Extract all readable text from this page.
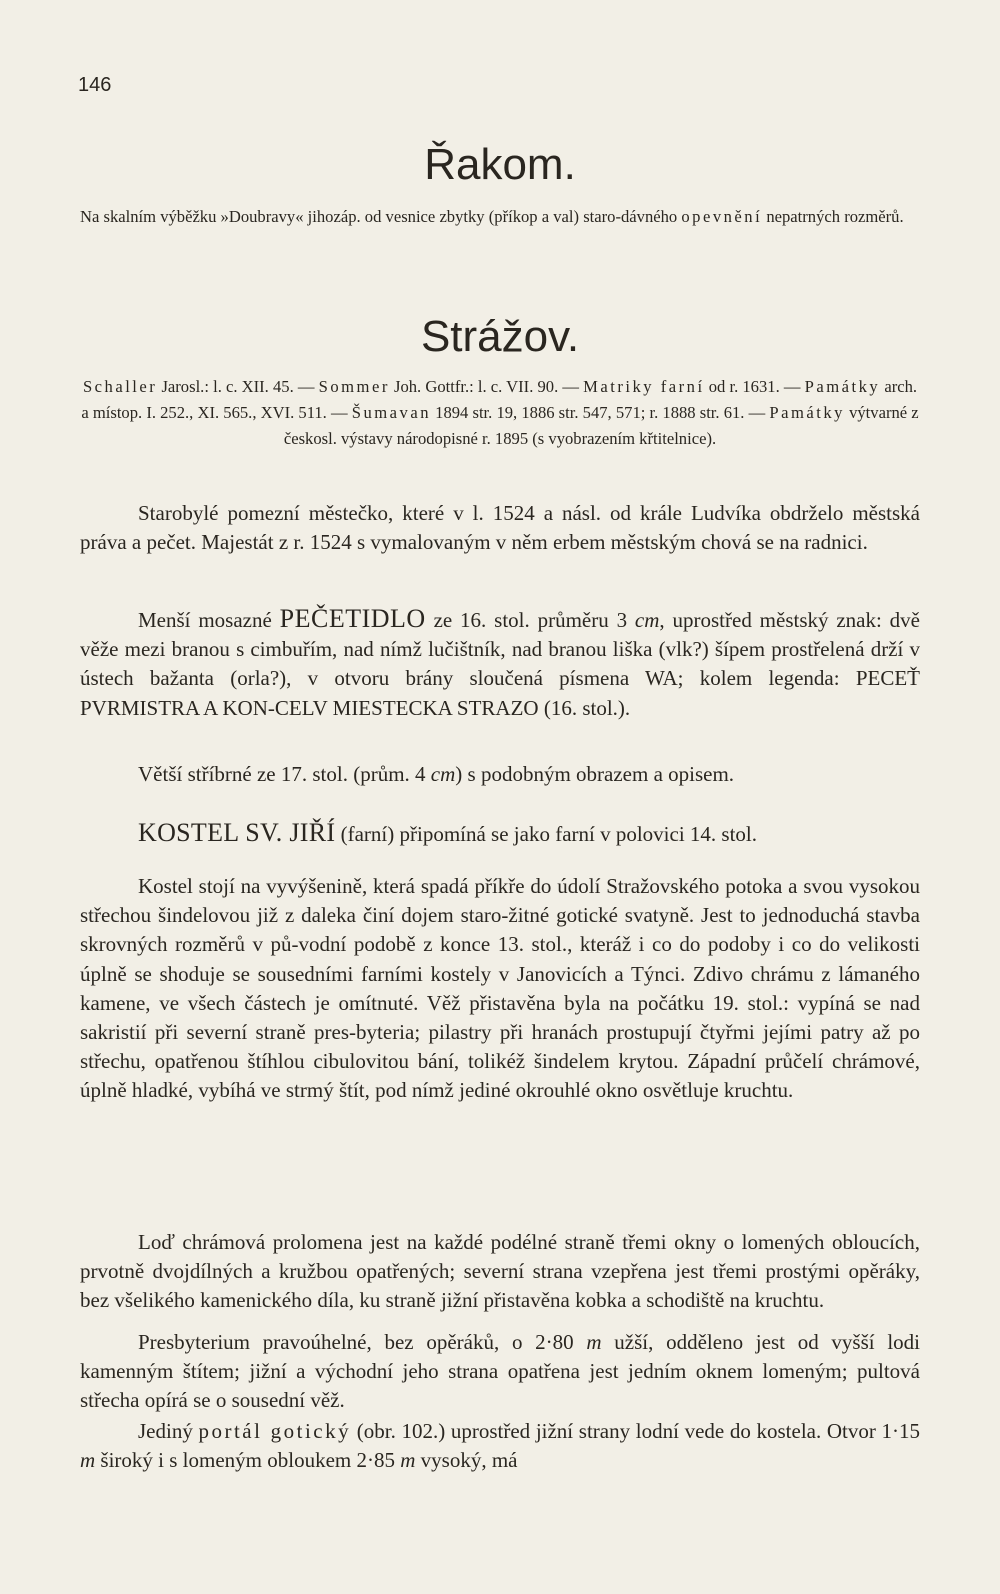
146
Řakom.

Na skalním výběžku »Doubravy« jihozáp. od vesnice zbytky (příkop a val) staro-dávného opevnění nepatrných rozměrů.

Strážov.

Schaller Jarosl.: l. c. XII. 45. — Sommer Joh. Gottfr.: l. c. VII. 90. — Matriky farní od r. 1631. — Památky arch. a místop. I. 252., XI. 565., XVI. 511. — Šumavan 1894 str. 19, 1886 str. 547, 571; r. 1888 str. 61. — Památky výtvarné z českosl. výstavy národopisné r. 1895 (s vyobrazením křtitelnice).

Starobylé pomezní městečko, které v l. 1524 a násl. od krále Ludvíka obdrželo městská práva a pečet. Majestát z r. 1524 s vymalovaným v něm erbem městským chová se na radnici.

Menší mosazné PEČETIDLO ze 16. stol. průměru 3 cm, uprostřed městský znak: dvě věže mezi branou s cimbuřím, nad nímž lučištník, nad branou liška (vlk?) šípem prostřelená drží v ústech bažanta (orla?), v otvoru brány sloučená písmena WA; kolem legenda: PECEŤ PVRMISTRA A KON-CELV MIESTECKA STRAZO (16. stol.).

Větší stříbrné ze 17. stol. (prům. 4 cm) s podobným obrazem a opisem.

KOSTEL SV. JIŘÍ (farní) připomíná se jako farní v polovici 14. stol.

Kostel stojí na vyvýšenině, která spadá příkře do údolí Stražovského potoka a svou vysokou střechou šindelovou již z daleka činí dojem staro-žitné gotické svatyně. Jest to jednoduchá stavba skrovných rozměrů v pů-vodní podobě z konce 13. stol., kteráž i co do podoby i co do velikosti úplně se shoduje se sousedními farními kostely v Janovicích a Týnci. Zdivo chrámu z lámaného kamene, ve všech částech je omítnuté. Věž přistavěna byla na počátku 19. stol.: vypíná se nad sakristií při severní straně pres-byteria; pilastry při hranách prostupují čtyřmi jejími patry až po střechu, opatřenou štíhlou cibulovitou bání, tolikéž šindelem krytou. Západní průčelí chrámové, úplně hladké, vybíhá ve strmý štít, pod nímž jediné okrouhlé okno osvětluje kruchtu.

Loď chrámová prolomena jest na každé podélné straně třemi okny o lomených obloucích, prvotně dvojdílných a kružbou opatřených; severní strana vzepřena jest třemi prostými opěráky, bez všelikého kamenického díla, ku straně jižní přistavěna kobka a schodiště na kruchtu.

Presbyterium pravoúhelné, bez opěráků, o 2·80 m užší, odděleno jest od vyšší lodi kamenným štítem; jižní a východní jeho strana opatřena jest jedním oknem lomeným; pultová střecha opírá se o sousední věž.

Jediný portál gotický (obr. 102.) uprostřed jižní strany lodní vede do kostela. Otvor 1·15 m široký i s lomeným obloukem 2·85 m vysoký, má
